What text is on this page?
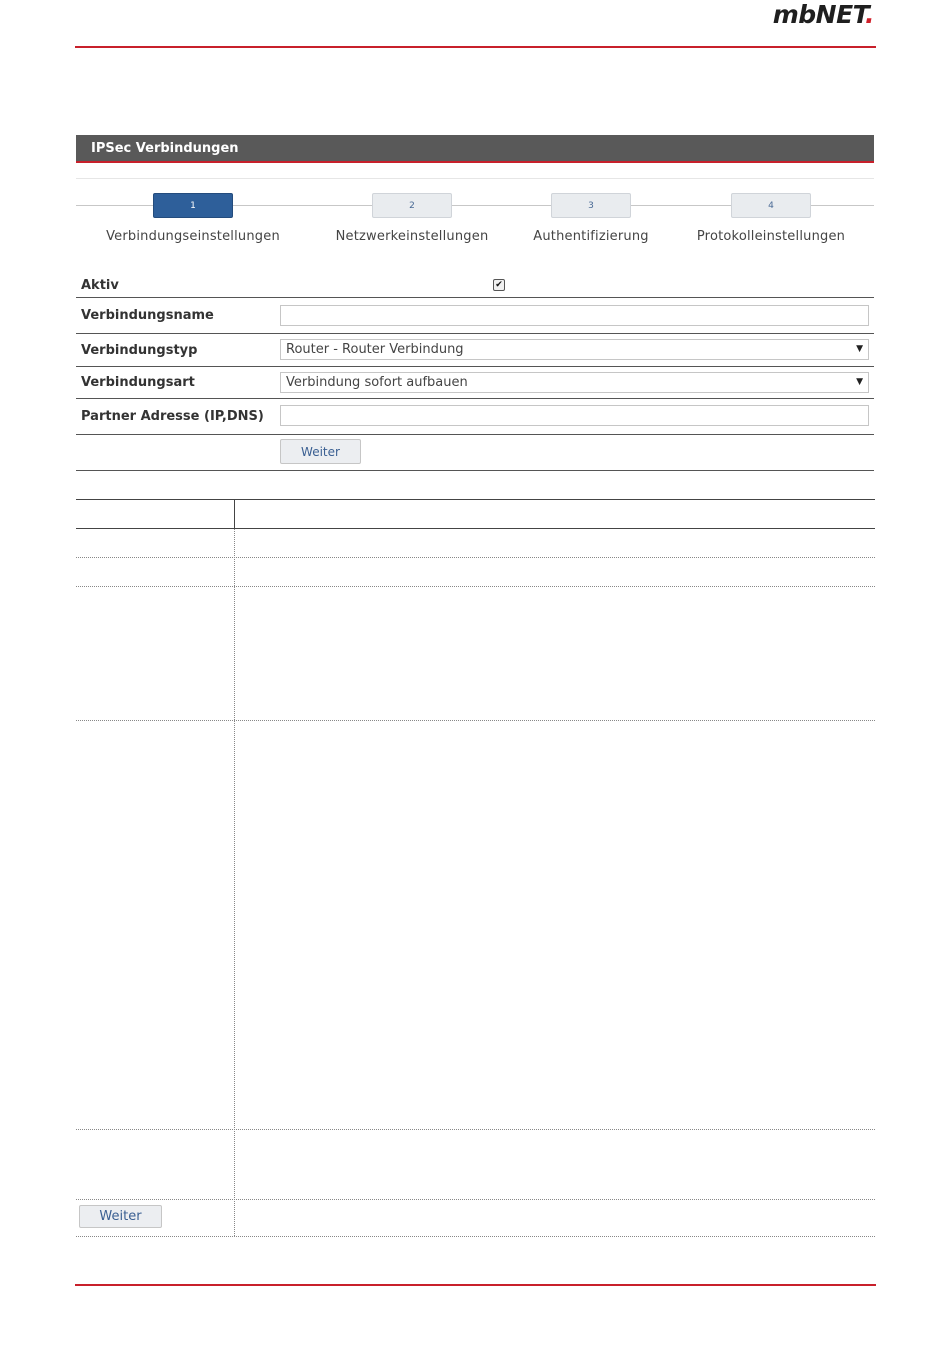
mbNET.
IPSec Verbindungen
1	2	3	4
Verbindungseinstellungen	Netzwerkeinstellungen	Authentifizierung	Protokolleinstellungen
Aktiv	✔
Verbindungsname
Verbindungstyp	Router - Router Verbindung	▼
Verbindungsart	Verbindung sofort aufbauen	▼
Partner Adresse (IP,DNS)
Weiter
Weiter
